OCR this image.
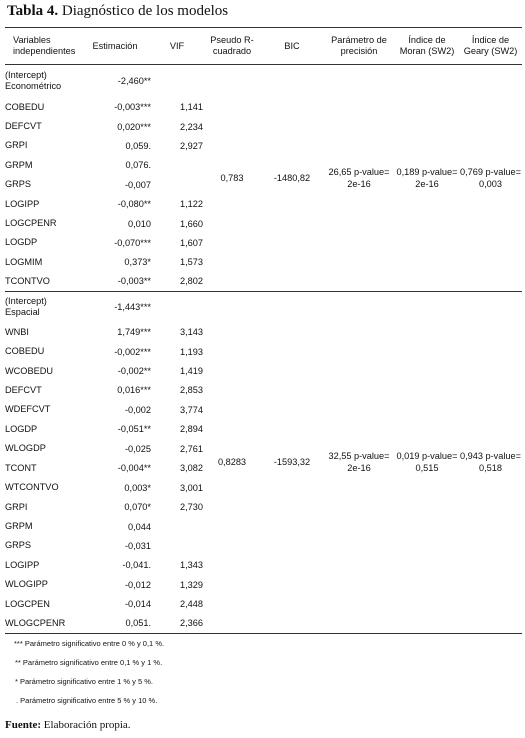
Tabla 4. Diagnóstico de los modelos
Variables independientes	Estimación	VIF	Pseudo R-cuadrado	BIC	Parámetro de precisión	Índice de Moran (SW2)	Índice de Geary (SW2)
(Intercept) Econométrico	-2,460**		0,783	-1480,82	26,65 p-value= 2e-16	0,189 p-value= 2e-16	0,769 p-value= 0,003
COBEDU	-0,003***	1,141					
DEFCVT	0,020***	2,234					
GRPI	0,059.	2,927					
GRPM	0,076.						
GRPS	-0,007						
LOGIPP	-0,080**	1,122					
LOGCPENR	0,010	1,660					
LOGDP	-0,070***	1,607					
LOGMIM	0,373*	1,573					
TCONTVO	-0,003**	2,802					
(Intercept) Espacial	-1,443***		0,8283	-1593,32	32,55 p-value= 2e-16	0,019 p-value= 0,515	0,943 p-value= 0,518
WNBI	1,749***	3,143					
COBEDU	-0,002***	1,193					
WCOBEDU	-0,002**	1,419					
DEFCVT	0,016***	2,853					
WDEFCVT	-0,002	3,774					
LOGDP	-0,051**	2,894					
WLOGDP	-0,025	2,761					
TCONT	-0,004**	3,082					
WTCONTVO	0,003*	3,001					
GRPI	0,070*	2,730					
GRPM	0,044						
GRPS	-0,031						
LOGIPP	-0,041.	1,343					
WLOGIPP	-0,012	1,329					
LOGCPEN	-0,014	2,448					
WLOGCPENR	0,051.	2,366					
*** Parámetro significativo entre 0 % y 0,1 %.
** Parámetro significativo entre 0,1 % y 1 %.
* Parámetro significativo entre 1 % y 5 %.
. Parámetro significativo entre 5 % y 10 %.
Fuente: Elaboración propia.
